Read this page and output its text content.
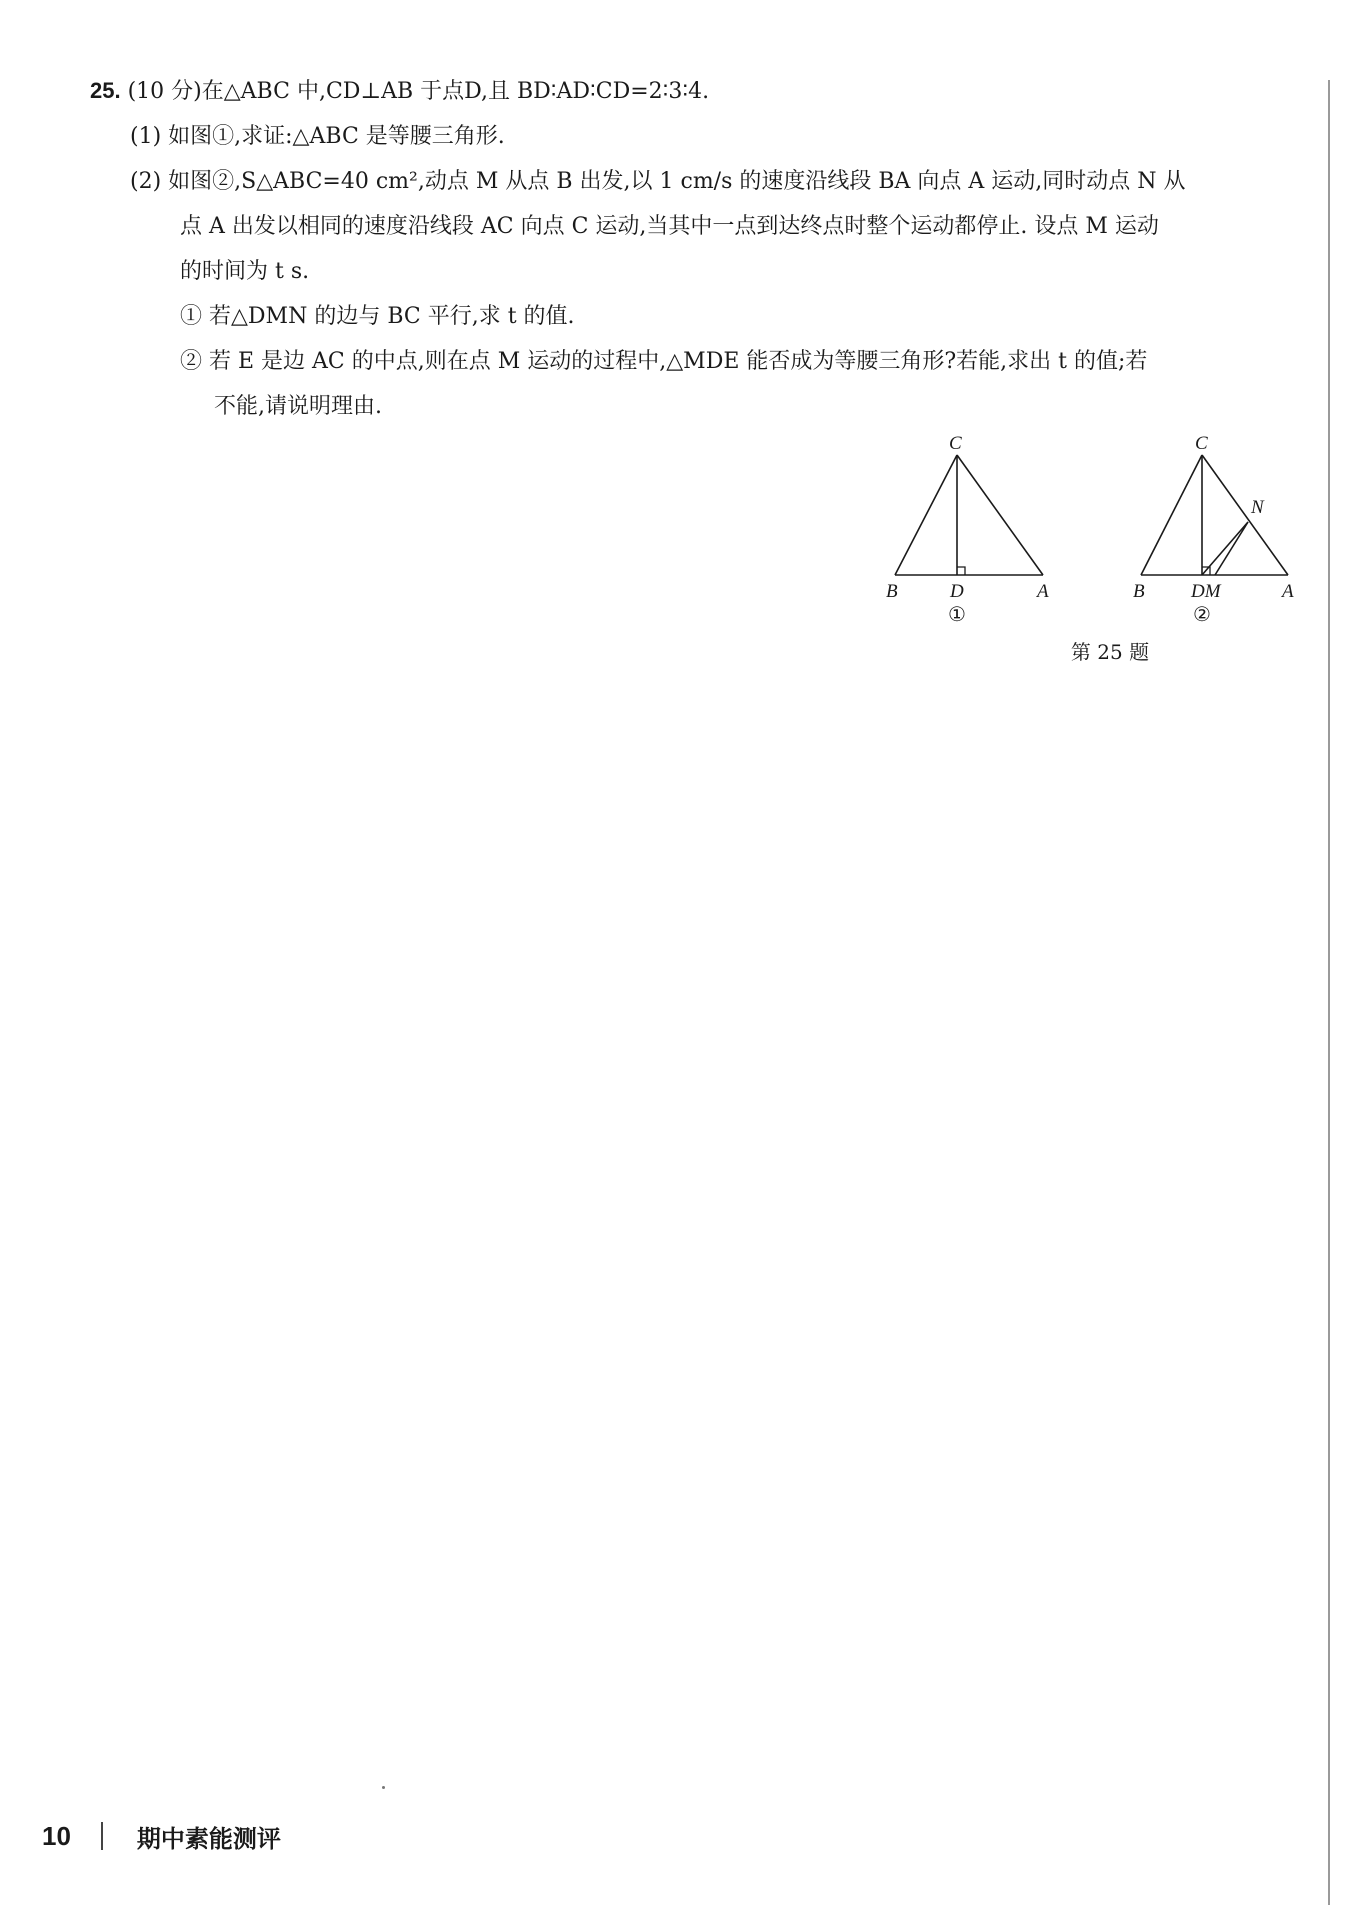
25. (10 分)在△ABC 中,CD⊥AB 于点D,且 BD∶AD∶CD=2∶3∶4.
(1) 如图①,求证:△ABC 是等腰三角形.
(2) 如图②,S△ABC=40 cm²,动点 M 从点 B 出发,以 1 cm/s 的速度沿线段 BA 向点 A 运动,同时动点 N 从
点 A 出发以相同的速度沿线段 AC 向点 C 运动,当其中一点到达终点时整个运动都停止. 设点 M 运动
的时间为 t s.
① 若△DMN 的边与 BC 平行,求 t 的值.
② 若 E 是边 AC 的中点,则在点 M 运动的过程中,△MDE 能否成为等腰三角形?若能,求出 t 的值;若
不能,请说明理由.
C
B	D	A
①
C
N
B DM	A
②
第 25 题
10	期中素能测评
